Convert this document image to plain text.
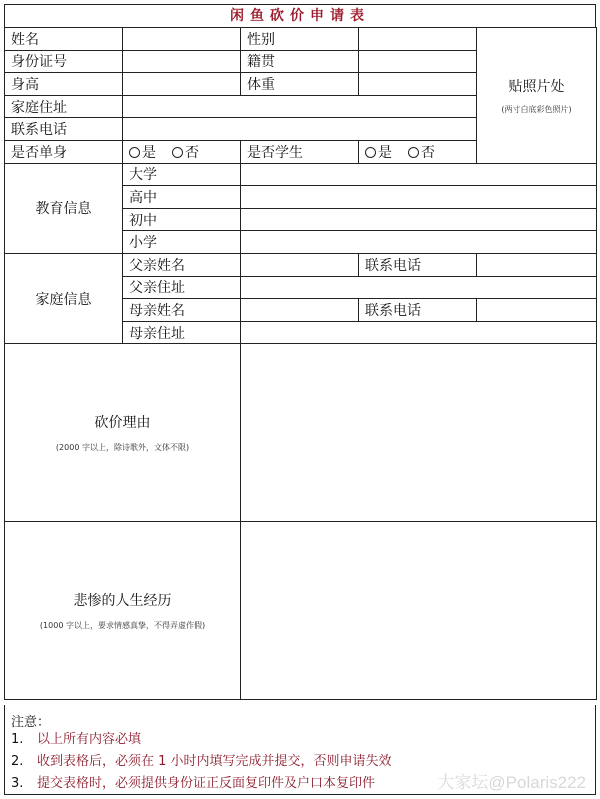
闲鱼砍价申请表
姓名		性别		贴照片处
(两寸白底彩色照片)

身份证号		籍贯		
身高		体重		
家庭住址				
联系电话				
是否单身	是 否	是否学生	是 否	
教育信息	大学			
	高中			
	初中			
	小学			
家庭信息	父亲姓名		联系电话	
	父亲住址			
	母亲姓名		联系电话	
	母亲住址			

砍价理由
(2000 字以上，除诗歌外，文体不限)				

悲惨的人生经历
(1000 字以上，要求情感真挚，不得弄虚作假)				

注意：
1. 以上所有内容必填
2. 收到表格后，必须在 1 小时内填写完成并提交，否则申请失效
3. 提交表格时，必须提供身份证正反面复印件及户口本复印件	大家坛@Polaris222
